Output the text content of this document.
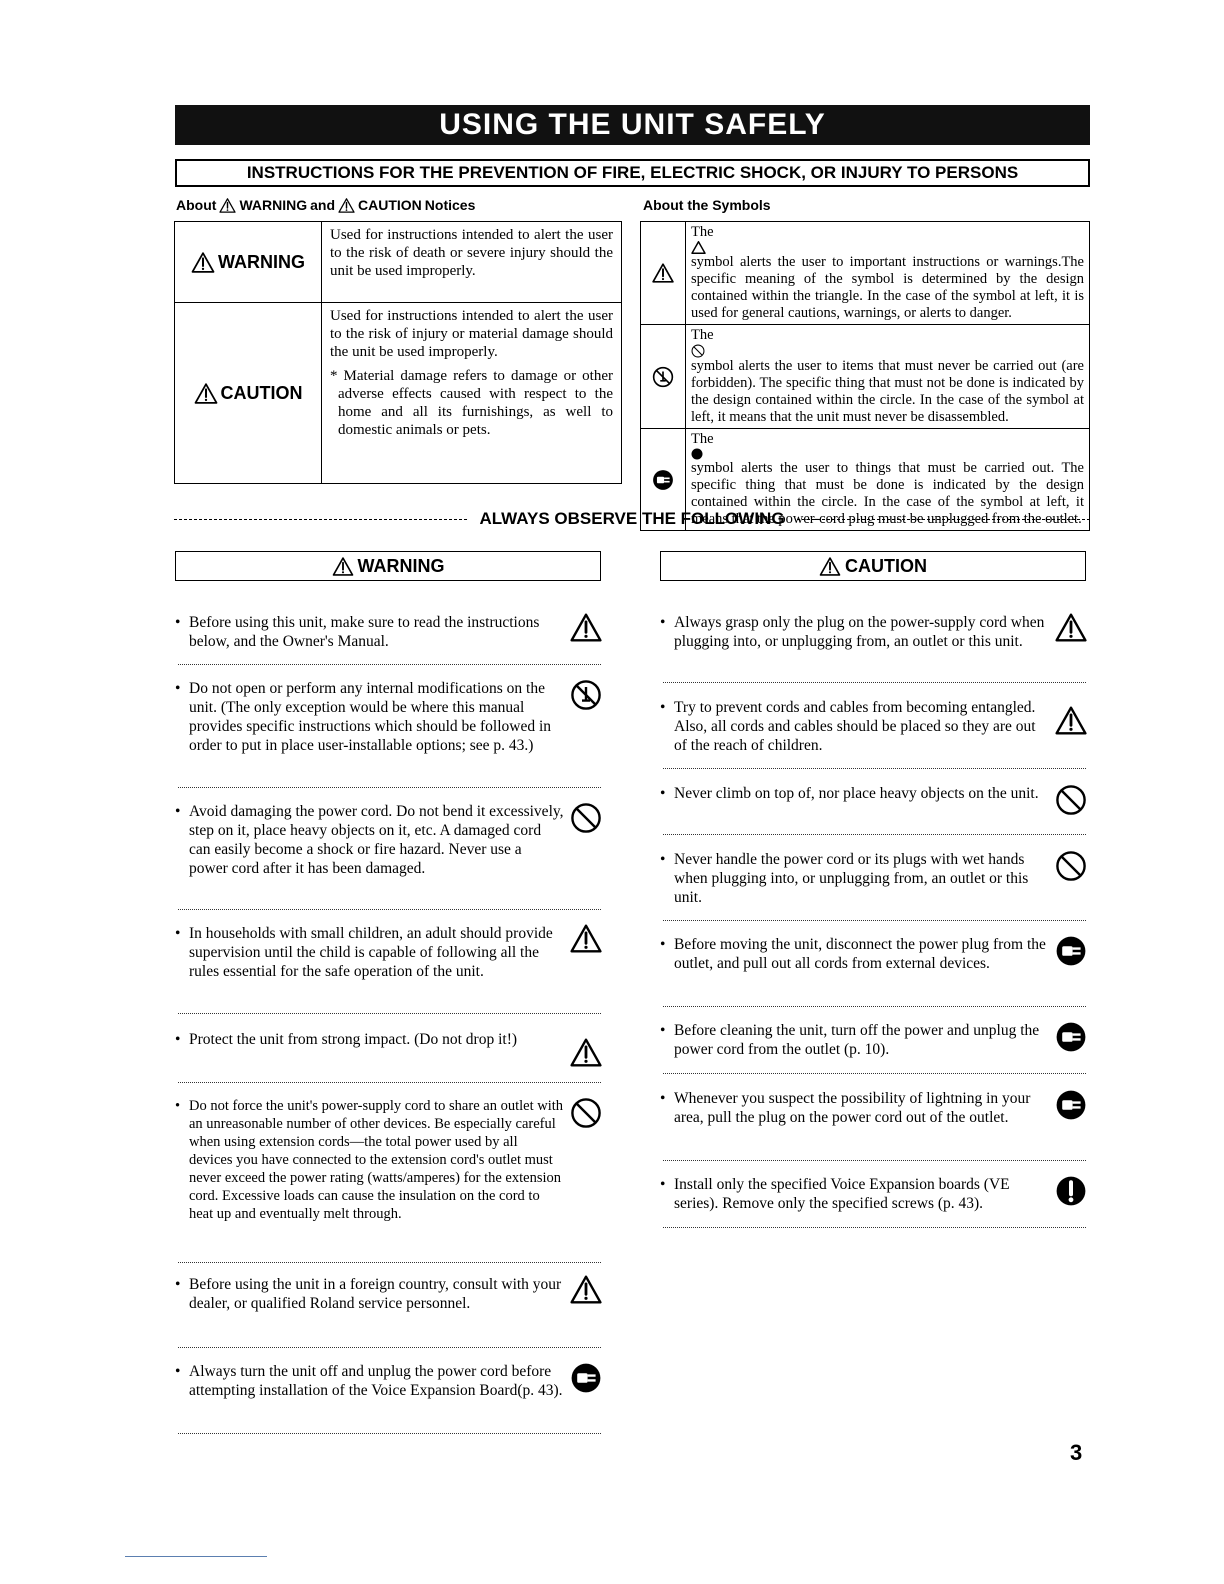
USING THE UNIT SAFELY
INSTRUCTIONS FOR THE PREVENTION OF FIRE, ELECTRIC SHOCK, OR INJURY TO PERSONS
About WARNING and CAUTION Notices	About the Symbols
WARNING	Used for instructions intended to alert the user to the risk of death or severe injury should the unit be used improperly.

CAUTION	Used for instructions intended to alert the user to the risk of injury or material damage should the unit be used improperly.
* Material damage refers to damage or other adverse effects caused with respect to the home and all its furnishings, as well to domestic animals or pets.
	The
symbol alerts the user to important instructions or warnings.The specific meaning of the symbol is determined by the design contained within the triangle. In the case of the symbol at left, it is used for general cautions, warnings, or alerts to danger.

	The
symbol alerts the user to items that must never be carried out (are forbidden). The specific thing that must not be done is indicated by the design contained within the circle. In the case of the symbol at left, it means that the unit must never be disassembled.

	The
symbol alerts the user to things that must be carried out. The specific thing that must be done is indicated by the design contained within the circle. In the case of the symbol at left, it means that the power-cord plug must be unplugged from the outlet.
ALWAYS OBSERVE THE FOLLOWING
WARNING	CAUTION
• Before using this unit, make sure to read the instructions below, and the Owner's Manual.
• Do not open or perform any internal modifications on the unit. (The only exception would be where this manual provides specific instructions which should be followed in order to put in place user-installable options; see p. 43.)
• Avoid damaging the power cord. Do not bend it excessively, step on it, place heavy objects on it, etc. A damaged cord can easily become a shock or fire hazard. Never use a power cord after it has been damaged.
• In households with small children, an adult should provide supervision until the child is capable of following all the rules essential for the safe operation of the unit.
• Protect the unit from strong impact. (Do not drop it!)
• Do not force the unit's power-supply cord to share an outlet with an unreasonable number of other devices. Be especially careful when using extension cords—the total power used by all devices you have connected to the extension cord's outlet must never exceed the power rating (watts/amperes) for the extension cord. Excessive loads can cause the insulation on the cord to heat up and eventually melt through.
• Before using the unit in a foreign country, consult with your dealer, or qualified Roland service personnel.
• Always turn the unit off and unplug the power cord before attempting installation of the Voice Expansion Board(p. 43).
• Always grasp only the plug on the power-supply cord when plugging into, or unplugging from, an outlet or this unit.
• Try to prevent cords and cables from becoming entangled. Also, all cords and cables should be placed so they are out of the reach of children.
• Never climb on top of, nor place heavy objects on the unit.
• Never handle the power cord or its plugs with wet hands when plugging into, or unplugging from, an outlet or this unit.
• Before moving the unit, disconnect the power plug from the outlet, and pull out all cords from external devices.
• Before cleaning the unit, turn off the power and unplug the power cord from the outlet (p. 10).
• Whenever you suspect the possibility of lightning in your area, pull the plug on the power cord out of the outlet.
• Install only the specified Voice Expansion boards (VE series). Remove only the specified screws (p. 43).
3
